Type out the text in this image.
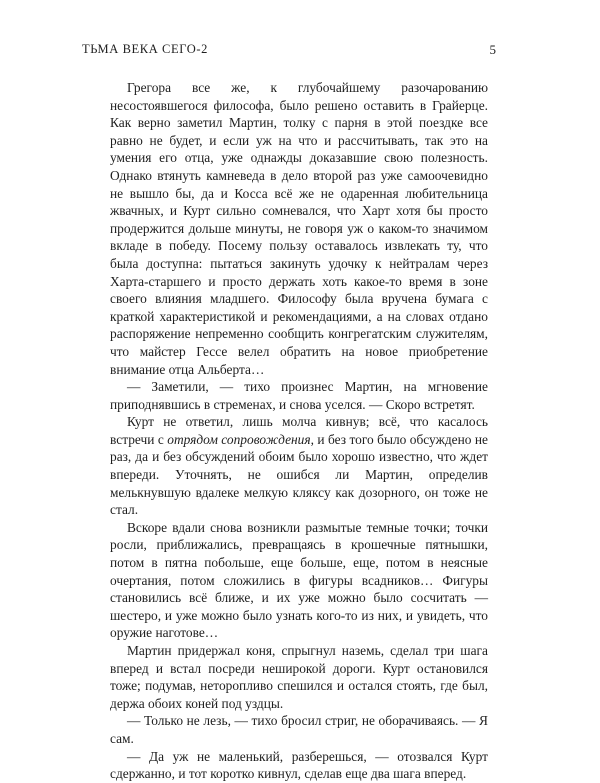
ТЬМА ВЕКА СЕГО-2	5

Грегора все же, к глубочайшему разочарованию несостоявшегося философа, было решено оставить в Грайерце. Как верно заметил Мартин, толку с парня в этой поездке все равно не будет, и если уж на что и рассчитывать, так это на умения его отца, уже однажды доказавшие свою полезность. Однако втянуть камневеда в дело второй раз уже самоочевидно не вышло бы, да и Косса всё же не одаренная любительница жвачных, и Курт сильно сомневался, что Харт хотя бы просто продержится дольше минуты, не говоря уж о каком-то значимом вкладе в победу. Посему пользу оставалось извлекать ту, что была доступна: пытаться закинуть удочку к нейтралам через Харта-старшего и просто держать хоть какое-то время в зоне своего влияния младшего. Философу была вручена бумага с краткой характеристикой и рекомендациями, а на словах отдано распоряжение непременно сообщить конгрегатским служителям, что майстер Гессе велел обратить на новое приобретение внимание отца Альберта…

— Заметили, — тихо произнес Мартин, на мгновение приподнявшись в стременах, и снова уселся. — Скоро встретят.

Курт не ответил, лишь молча кивнув; всё, что касалось встречи с отрядом сопровождения, и без того было обсуждено не раз, да и без обсуждений обоим было хорошо известно, что ждет впереди. Уточнять, не ошибся ли Мартин, определив мелькнувшую вдалеке мелкую кляксу как дозорного, он тоже не стал.

Вскоре вдали снова возникли размытые темные точки; точки росли, приближались, превращаясь в крошечные пятнышки, потом в пятна побольше, еще больше, еще, потом в неясные очертания, потом сложились в фигуры всадников… Фигуры становились всё ближе, и их уже можно было сосчитать — шестеро, и уже можно было узнать кого-то из них, и увидеть, что оружие наготове…

Мартин придержал коня, спрыгнул наземь, сделал три шага вперед и встал посреди неширокой дороги. Курт остановился тоже; подумав, неторопливо спешился и остался стоять, где был, держа обоих коней под уздцы.

— Только не лезь, — тихо бросил стриг, не оборачиваясь. — Я сам.

— Да уж не маленький, разберешься, — отозвался Курт сдержанно, и тот коротко кивнул, сделав еще два шага вперед.
